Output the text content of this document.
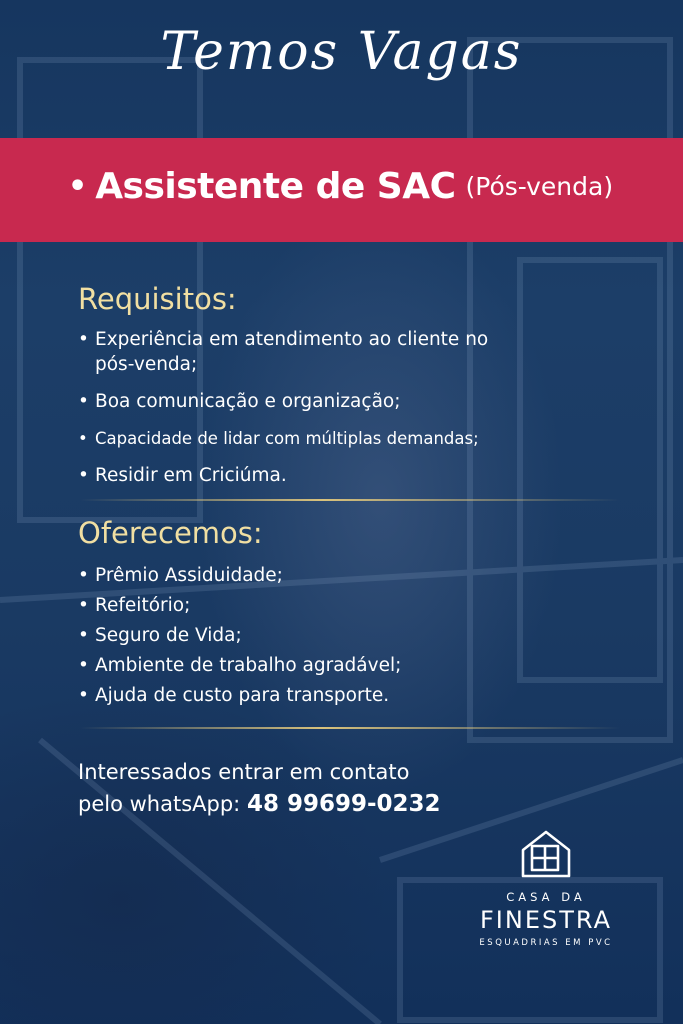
Temos Vagas
• Assistente de SAC (Pós-venda)
Requisitos:
• Experiência em atendimento ao cliente no pós-venda;
• Boa comunicação e organização;
• Capacidade de lidar com múltiplas demandas;
• Residir em Criciúma.
Oferecemos:
• Prêmio Assiduidade;
• Refeitório;
• Seguro de Vida;
• Ambiente de trabalho agradável;
• Ajuda de custo para transporte.
Interessados entrar em contato
pelo whatsApp: 48 99699-0232
CASA DA
FINESTRA
ESQUADRIAS EM PVC
